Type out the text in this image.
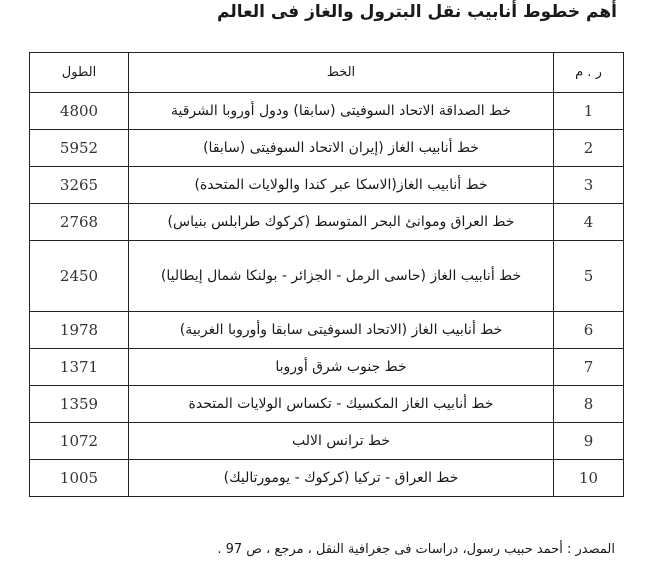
أهم خطوط أنابيب نقل البترول والغاز فى العالم
ر . م	الخط	الطول
1	خط الصداقة الاتحاد السوفيتى (سابقا) ودول أوروبا الشرقية	4800
2	خط أنابيب الغاز (إيران الاتحاد السوفيتى (سابقا)	5952
3	خط أنابيب الغاز(الاسكا عبر كندا والولايات المتحدة)	3265
4	خط العراق وموانئ البحر المتوسط (كركوك طرابلس بنياس)	2768
5	خط أنابيب الغاز (حاسى الرمل - الجزائر - بولنكا شمال إيطاليا)	2450
6	خط أنابيب الغاز (الاتحاد السوفيتى سابقا وأوروبا الغربية)	1978
7	خط جنوب شرق أوروبا	1371
8	خط أنابيب الغاز المكسيك - تكساس الولايات المتحدة	1359
9	خط ترانس الالب	1072
10	خط العراق - تركيا (كركوك - يومورتاليك)	1005
المصدر : أحمد حبيب رسول، دراسات فى جغرافية النقل ، مرجع ، ص 97 .
